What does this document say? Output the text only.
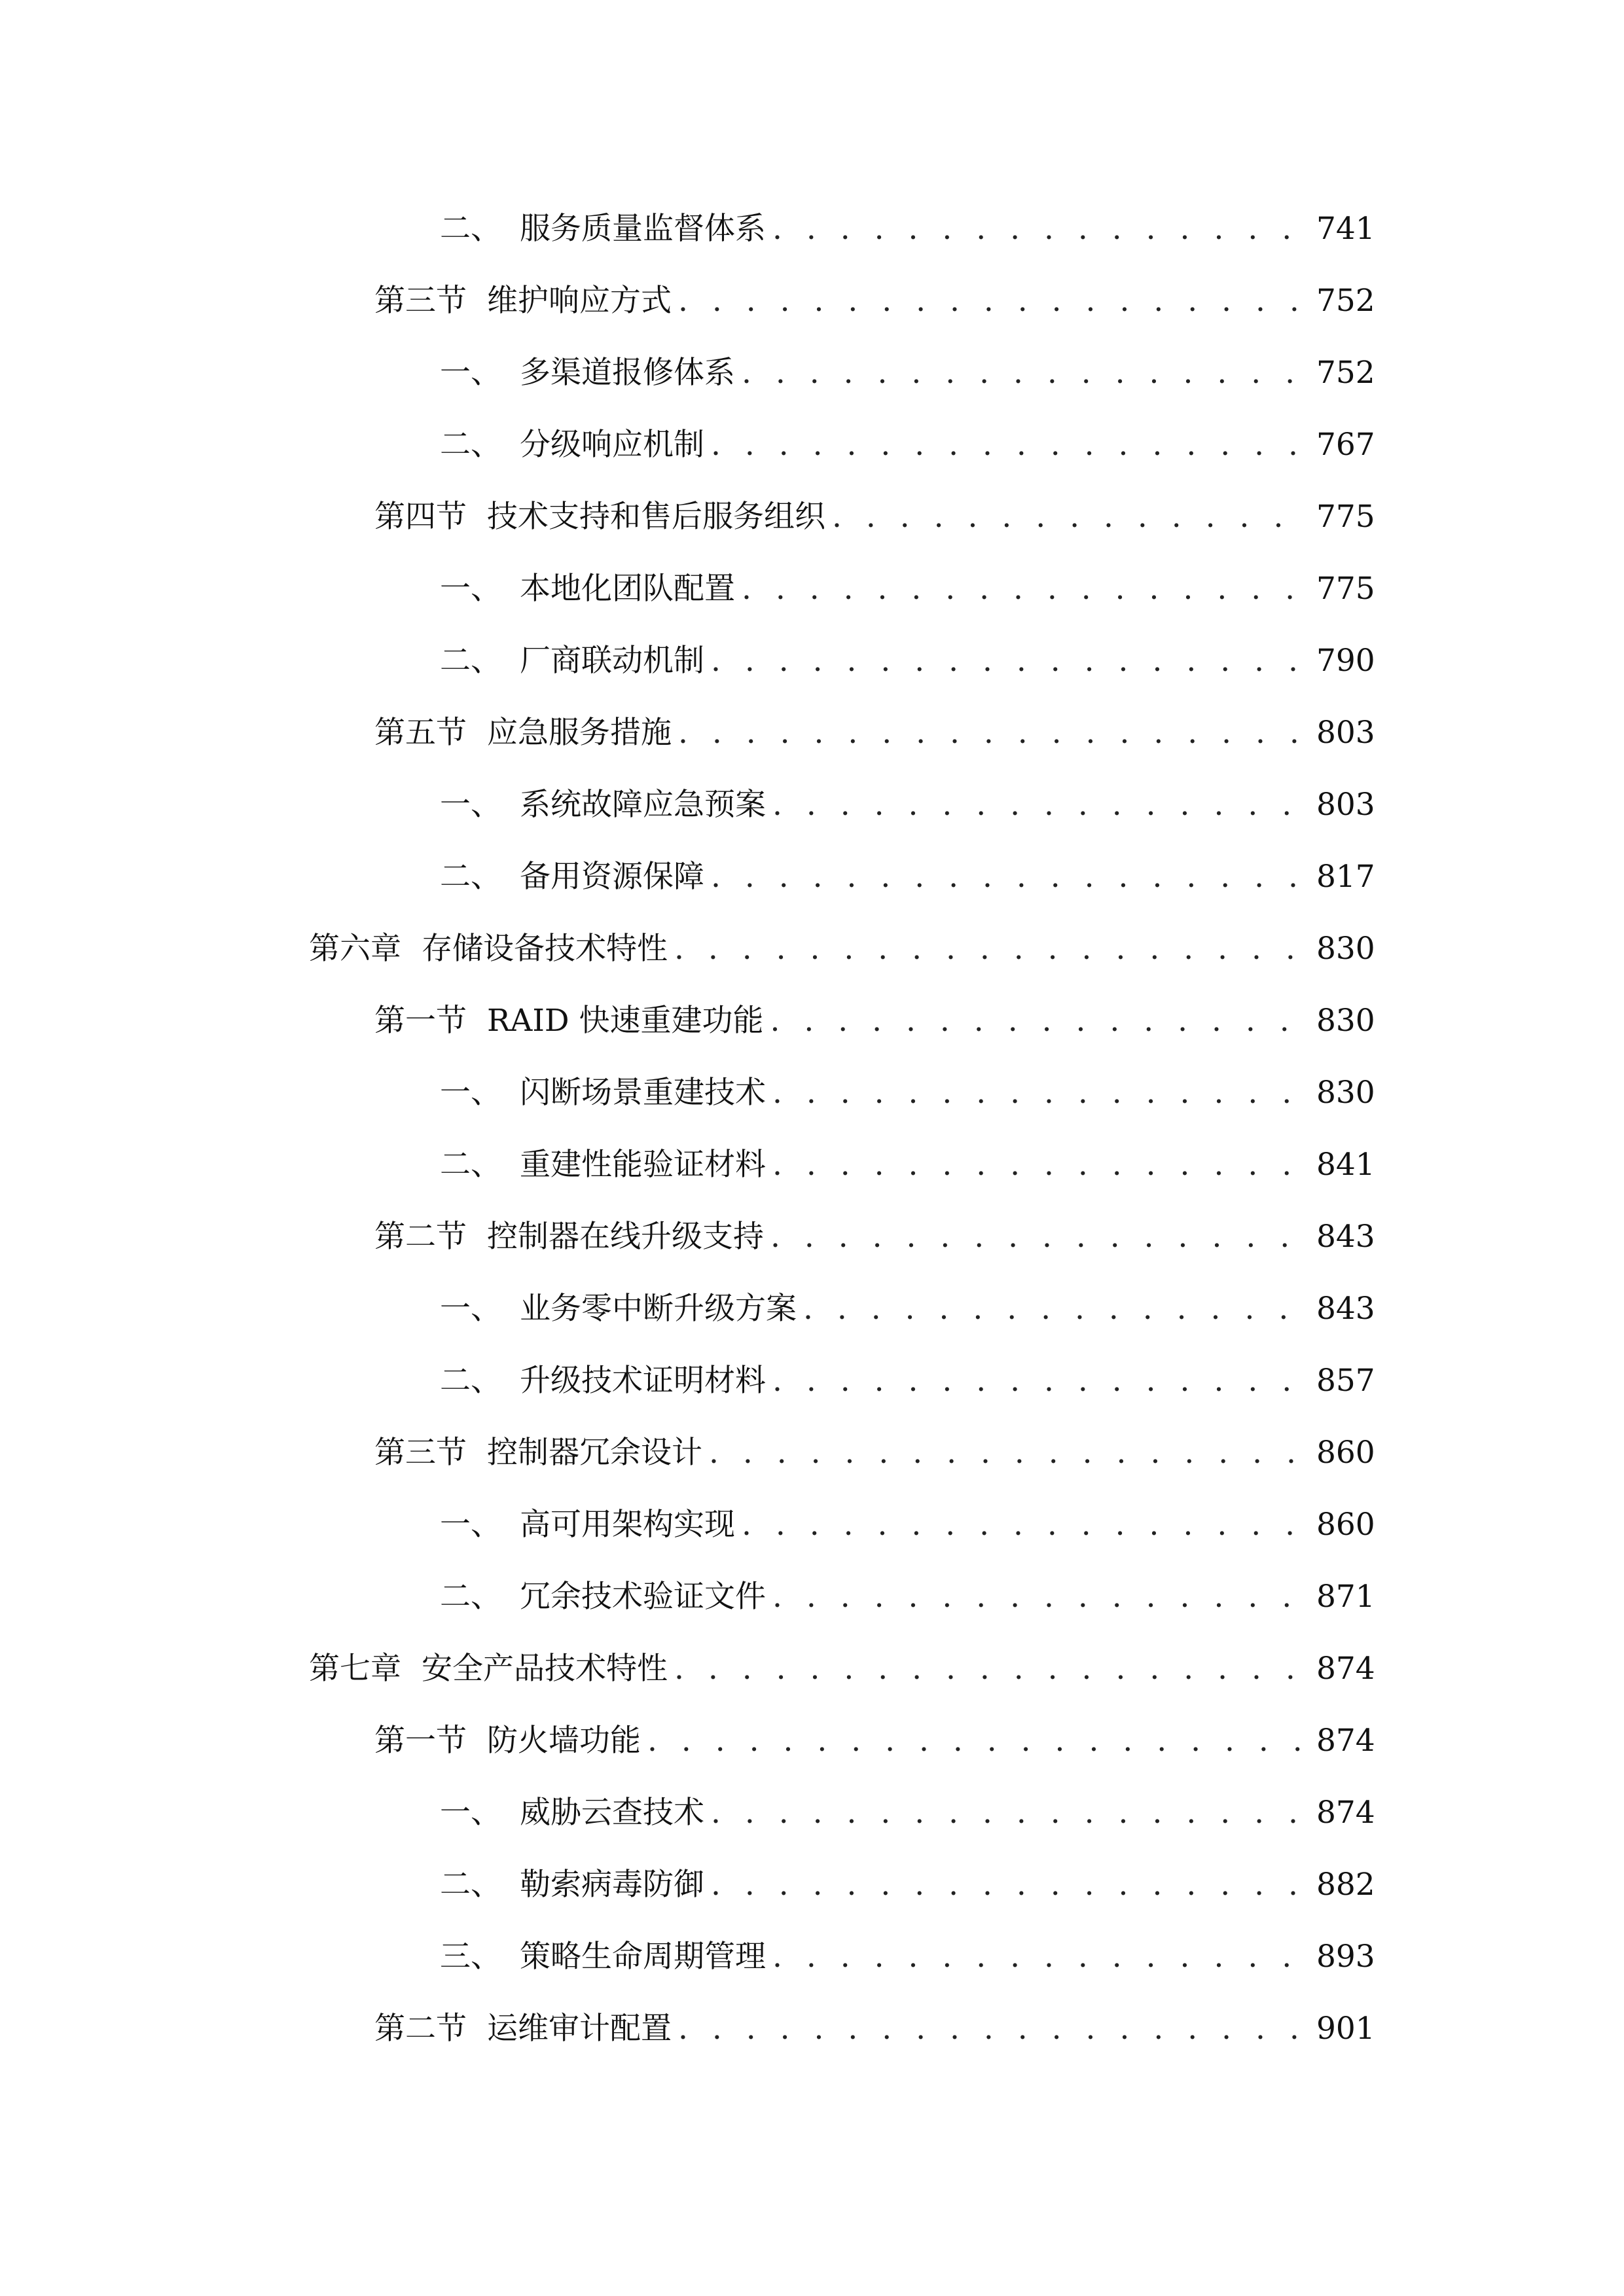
二、 服务质量监督体系 . . .	741
第三节 维护响应方式 . . .	752
一、 多渠道报修体系 . . .	752
二、 分级响应机制 . . .	767
第四节 技术支持和售后服务组织 . . .	775
一、 本地化团队配置 . . .	775
二、 厂商联动机制 . . .	790
第五节 应急服务措施 . . .	803
一、 系统故障应急预案 . . .	803
二、 备用资源保障 . . .	817
第六章 存储设备技术特性 . . .	830
第一节 RAID 快速重建功能 . . .	830
一、 闪断场景重建技术 . . .	830
二、 重建性能验证材料 . . .	841
第二节 控制器在线升级支持 . . .	843
一、 业务零中断升级方案 . . .	843
二、 升级技术证明材料 . . .	857
第三节 控制器冗余设计 . . .	860
一、 高可用架构实现 . . .	860
二、 冗余技术验证文件 . . .	871
第七章 安全产品技术特性 . . .	874
第一节 防火墙功能 . . .	874
一、 威胁云查技术 . . .	874
二、 勒索病毒防御 . . .	882
三、 策略生命周期管理 . . .	893
第二节 运维审计配置 . . .	901
